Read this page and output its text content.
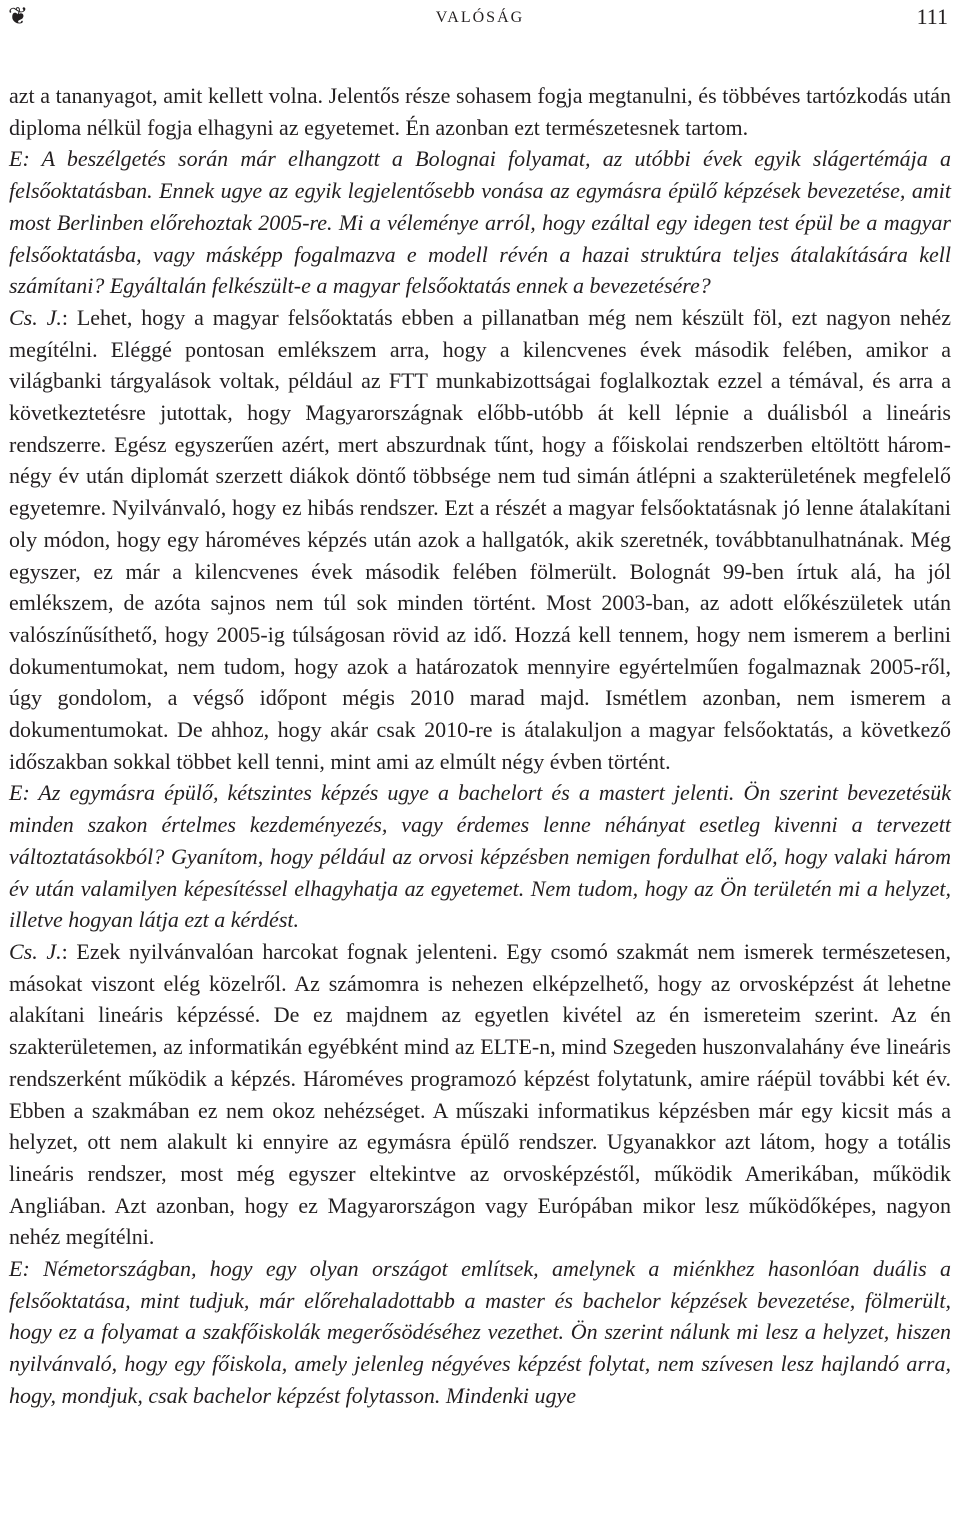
❦	VALÓSÁG	111

azt a tananyagot, amit kellett volna. Jelentős része sohasem fogja megtanulni, és többéves tartózkodás után diploma nélkül fogja elhagyni az egyetemet. Én azonban ezt természetesnek tartom.

E: A beszélgetés során már elhangzott a Bolognai folyamat, az utóbbi évek egyik slágertémája a felsőoktatásban. Ennek ugye az egyik legjelentősebb vonása az egymásra épülő képzések bevezetése, amit most Berlinben előrehoztak 2005-re. Mi a véleménye arról, hogy ezáltal egy idegen test épül be a magyar felsőoktatásba, vagy másképp fogalmazva e modell révén a hazai struktúra teljes átalakítására kell számítani? Egyáltalán felkészült-e a magyar felsőoktatás ennek a bevezetésére?

Cs. J.: Lehet, hogy a magyar felsőoktatás ebben a pillanatban még nem készült föl, ezt nagyon nehéz megítélni. Eléggé pontosan emlékszem arra, hogy a kilencvenes évek második felében, amikor a világbanki tárgyalások voltak, például az FTT munkabizottságai foglalkoztak ezzel a témával, és arra a következtetésre jutottak, hogy Magyarországnak előbb-utóbb át kell lépnie a duálisból a lineáris rendszerre. Egész egyszerűen azért, mert abszurdnak tűnt, hogy a főiskolai rendszerben eltöltött három-négy év után diplomát szerzett diákok döntő többsége nem tud simán átlépni a szakterületének megfelelő egyetemre. Nyilvánvaló, hogy ez hibás rendszer. Ezt a részét a magyar felsőoktatásnak jó lenne átalakítani oly módon, hogy egy hároméves képzés után azok a hallgatók, akik szeretnék, továbbtanulhatnának. Még egyszer, ez már a kilencvenes évek második felében fölmerült. Bolognát 99-ben írtuk alá, ha jól emlékszem, de azóta sajnos nem túl sok minden történt. Most 2003-ban, az adott előkészületek után valószínűsíthető, hogy 2005-ig túlságosan rövid az idő. Hozzá kell tennem, hogy nem ismerem a berlini dokumentumokat, nem tudom, hogy azok a határozatok mennyire egyértelműen fogalmaznak 2005-ről, úgy gondolom, a végső időpont mégis 2010 marad majd. Ismétlem azonban, nem ismerem a dokumentumokat. De ahhoz, hogy akár csak 2010-re is átalakuljon a magyar felsőoktatás, a következő időszakban sokkal többet kell tenni, mint ami az elmúlt négy évben történt.

E: Az egymásra épülő, kétszintes képzés ugye a bachelort és a mastert jelenti. Ön szerint bevezetésük minden szakon értelmes kezdeményezés, vagy érdemes lenne néhányat esetleg kivenni a tervezett változtatásokból? Gyanítom, hogy például az orvosi képzésben nemigen fordulhat elő, hogy valaki három év után valamilyen képesítéssel elhagyhatja az egyetemet. Nem tudom, hogy az Ön területén mi a helyzet, illetve hogyan látja ezt a kérdést.

Cs. J.: Ezek nyilvánvalóan harcokat fognak jelenteni. Egy csomó szakmát nem ismerek természetesen, másokat viszont elég közelről. Az számomra is nehezen elképzelhető, hogy az orvosképzést át lehetne alakítani lineáris képzéssé. De ez majdnem az egyetlen kivétel az én ismereteim szerint. Az én szakterületemen, az informatikán egyébként mind az ELTE-n, mind Szegeden huszonvalahány éve lineáris rendszerként működik a képzés. Hároméves programozó képzést folytatunk, amire ráépül további két év. Ebben a szakmában ez nem okoz nehézséget. A műszaki informatikus képzésben már egy kicsit más a helyzet, ott nem alakult ki ennyire az egymásra épülő rendszer. Ugyanakkor azt látom, hogy a totális lineáris rendszer, most még egyszer eltekintve az orvosképzéstől, működik Amerikában, működik Angliában. Azt azonban, hogy ez Magyarországon vagy Európában mikor lesz működőképes, nagyon nehéz megítélni.

E: Németországban, hogy egy olyan országot említsek, amelynek a miénkhez hasonlóan duális a felsőoktatása, mint tudjuk, már előrehaladottabb a master és bachelor képzések bevezetése, fölmerült, hogy ez a folyamat a szakfőiskolák megerősödéséhez vezethet. Ön szerint nálunk mi lesz a helyzet, hiszen nyilvánvaló, hogy egy főiskola, amely jelenleg négyéves képzést folytat, nem szívesen lesz hajlandó arra, hogy, mondjuk, csak bachelor képzést folytasson. Mindenki ugye
